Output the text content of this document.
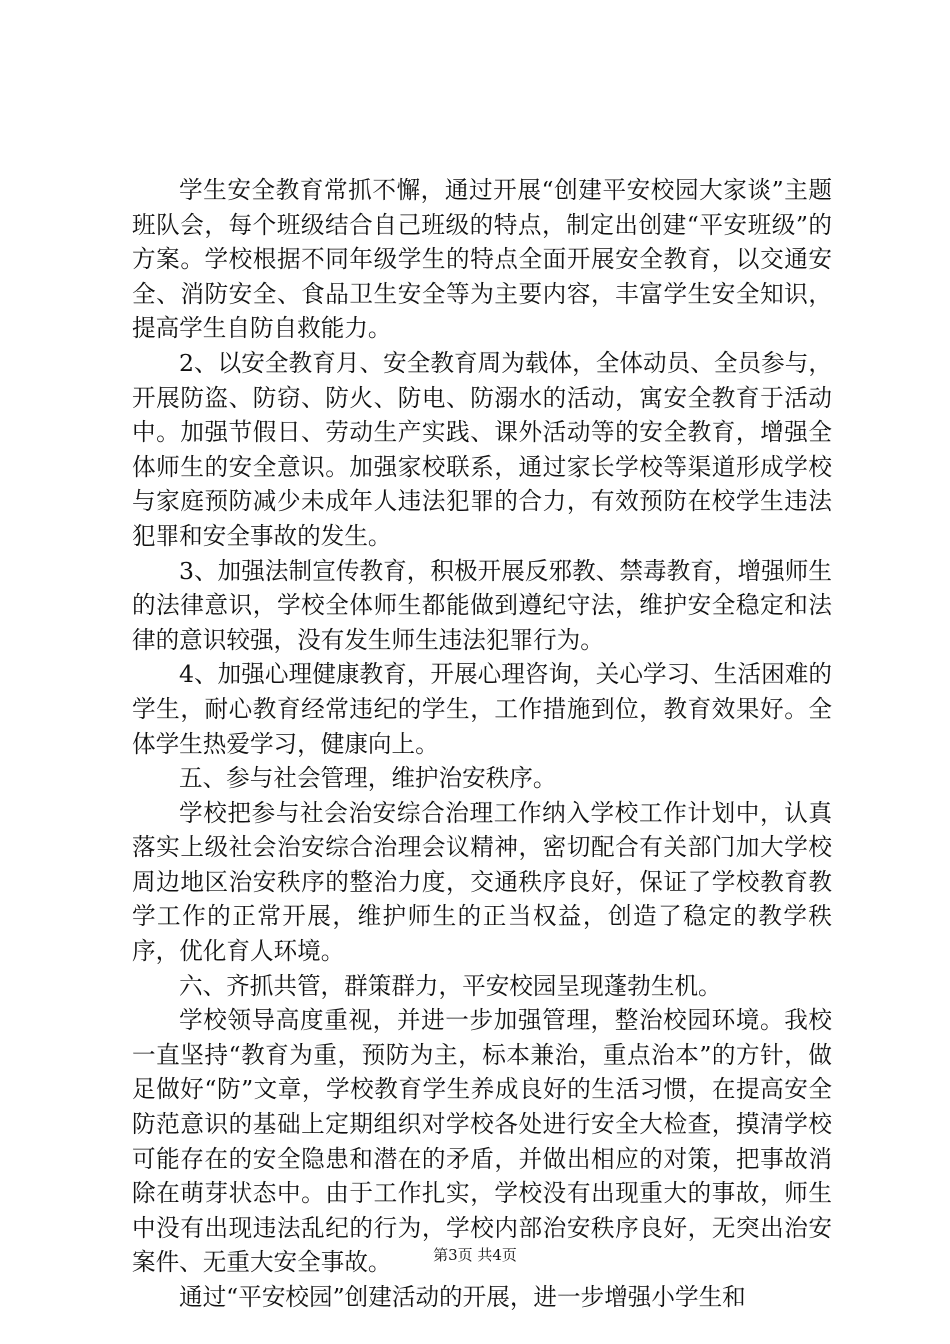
学生安全教育常抓不懈，通过开展“创建平安校园大家谈”主题班队会，每个班级结合自己班级的特点，制定出创建“平安班级”的方案。学校根据不同年级学生的特点全面开展安全教育，以交通安全、消防安全、食品卫生安全等为主要内容，丰富学生安全知识，提高学生自防自救能力。

2、以安全教育月、安全教育周为载体，全体动员、全员参与，开展防盗、防窃、防火、防电、防溺水的活动，寓安全教育于活动中。加强节假日、劳动生产实践、课外活动等的安全教育，增强全体师生的安全意识。加强家校联系，通过家长学校等渠道形成学校与家庭预防减少未成年人违法犯罪的合力，有效预防在校学生违法犯罪和安全事故的发生。

3、加强法制宣传教育，积极开展反邪教、禁毒教育，增强师生的法律意识，学校全体师生都能做到遵纪守法，维护安全稳定和法律的意识较强，没有发生师生违法犯罪行为。

4、加强心理健康教育，开展心理咨询，关心学习、生活困难的学生，耐心教育经常违纪的学生，工作措施到位，教育效果好。全体学生热爱学习，健康向上。

五、参与社会管理，维护治安秩序。

学校把参与社会治安综合治理工作纳入学校工作计划中，认真落实上级社会治安综合治理会议精神，密切配合有关部门加大学校周边地区治安秩序的整治力度，交通秩序良好，保证了学校教育教学工作的正常开展，维护师生的正当权益，创造了稳定的教学秩序，优化育人环境。

六、齐抓共管，群策群力，平安校园呈现蓬勃生机。

学校领导高度重视，并进一步加强管理，整治校园环境。我校一直坚持“教育为重，预防为主，标本兼治，重点治本”的方针，做足做好“防”文章，学校教育学生养成良好的生活习惯，在提高安全防范意识的基础上定期组织对学校各处进行安全大检查，摸清学校可能存在的安全隐患和潜在的矛盾，并做出相应的对策，把事故消除在萌芽状态中。由于工作扎实，学校没有出现重大的事故，师生中没有出现违法乱纪的行为，学校内部治安秩序良好，无突出治安案件、无重大安全事故。

通过“平安校园”创建活动的开展，进一步增强小学生和

第3页 共4页
